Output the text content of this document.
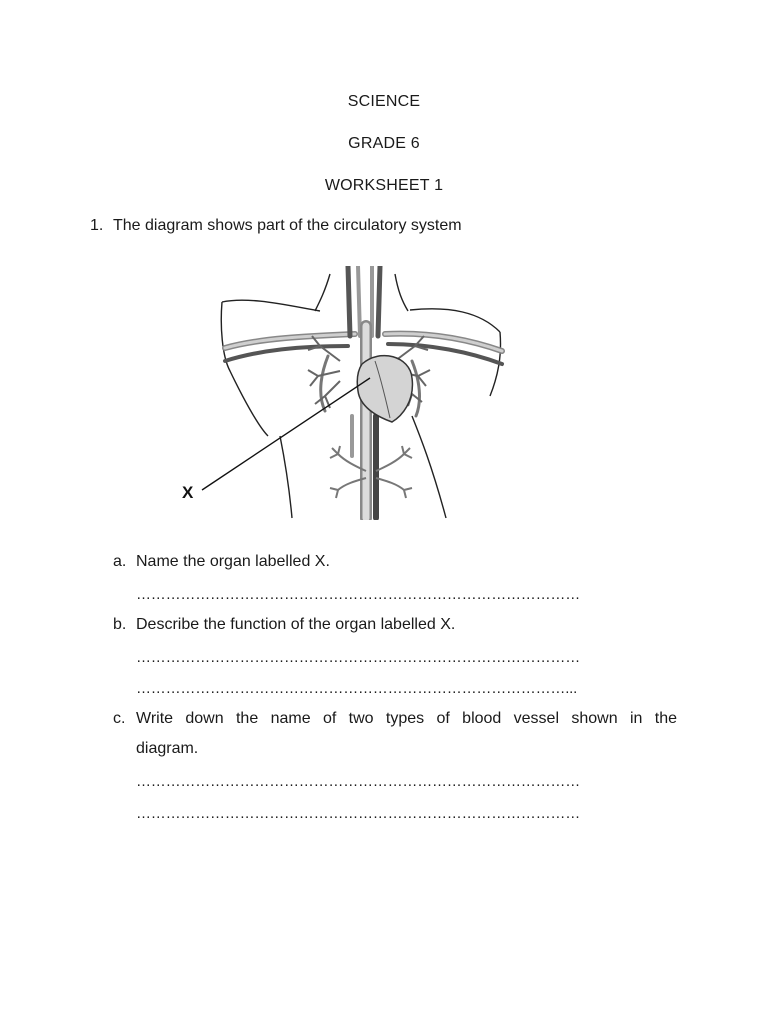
SCIENCE
GRADE 6
WORKSHEET 1
1. The diagram shows part of the circulatory system
X
a. Name the organ labelled X.
………………………………………………………………………………
b. Describe the function of the organ labelled X.
………………………………………………………………………………
……………………………………………………………………………...
c. Write down the name of two types of blood vessel shown in the
diagram.
………………………………………………………………………………
………………………………………………………………………………
